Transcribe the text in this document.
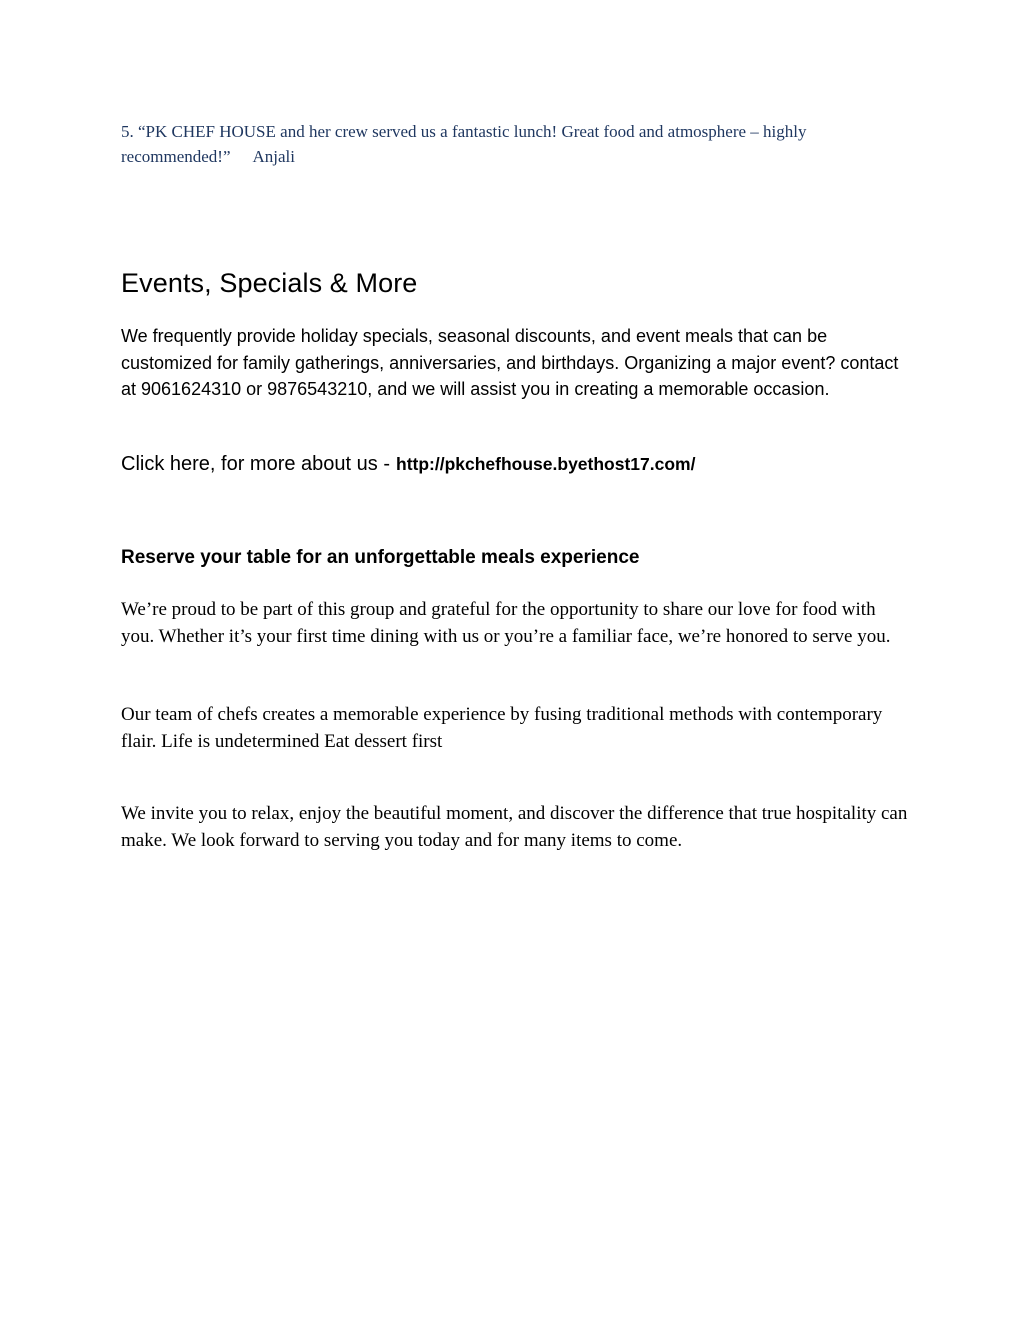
5. “PK CHEF HOUSE and her crew served us a fantastic lunch! Great food and atmosphere – highly recommended!” Anjali

Events, Specials & More

We frequently provide holiday specials, seasonal discounts, and event meals that can be customized for family gatherings, anniversaries, and birthdays. Organizing a major event? contact at 9061624310 or 9876543210, and we will assist you in creating a memorable occasion.

Click here, for more about us - http://pkchefhouse.byethost17.com/

Reserve your table for an unforgettable meals experience

We’re proud to be part of this group and grateful for the opportunity to share our love for food with you. Whether it’s your first time dining with us or you’re a familiar face, we’re honored to serve you.

Our team of chefs creates a memorable experience by fusing traditional methods with contemporary flair. Life is undetermined Eat dessert first

We invite you to relax, enjoy the beautiful moment, and discover the difference that true hospitality can make. We look forward to serving you today and for many items to come.
